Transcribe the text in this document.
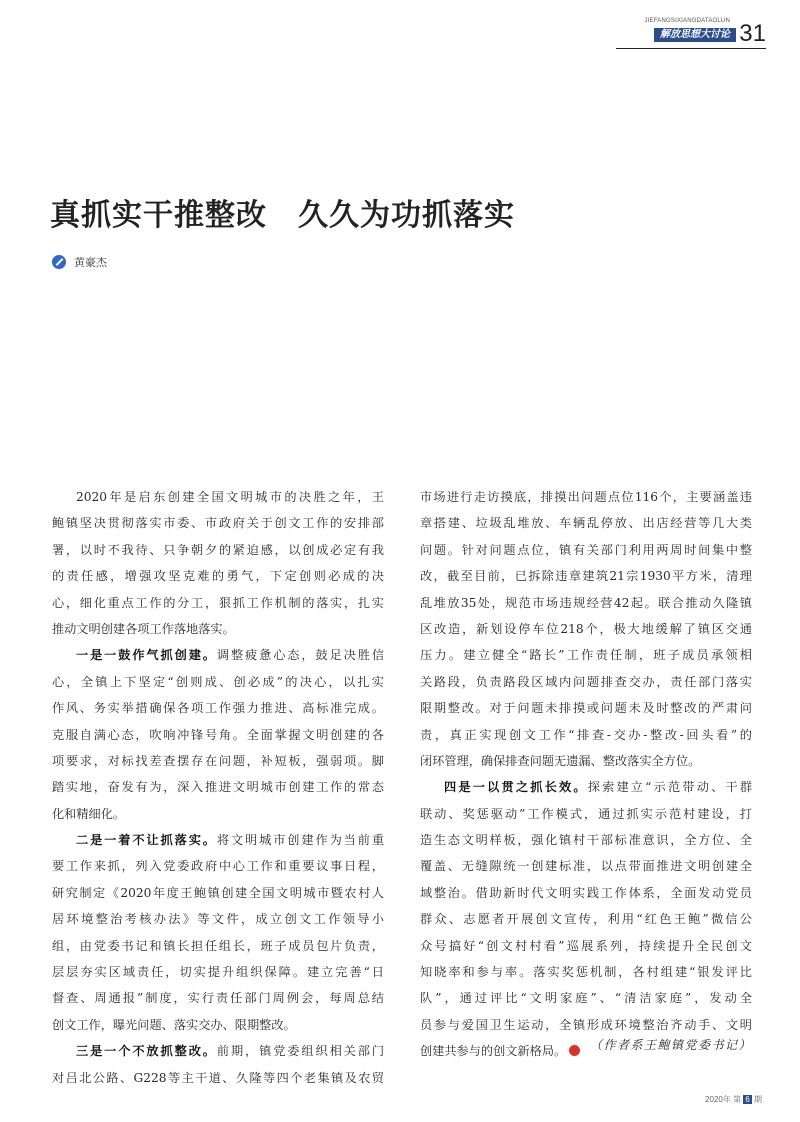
JIEFANGSIXIANGDATAOLUN
解放思想大讨论 31
真抓实干推整改　久久为功抓落实
黄豪杰
2020年是启东创建全国文明城市的决胜之年，王
鲍镇坚决贯彻落实市委、市政府关于创文工作的安排部
署，以时不我待、只争朝夕的紧迫感，以创成必定有我
的责任感，增强攻坚克难的勇气，下定创则必成的决
心，细化重点工作的分工，狠抓工作机制的落实，扎实
推动文明创建各项工作落地落实。
一是一鼓作气抓创建。调整疲惫心态，鼓足决胜信
心，全镇上下坚定“创则成、创必成”的决心，以扎实
作风、务实举措确保各项工作强力推进、高标准完成。
克服自满心态，吹响冲锋号角。全面掌握文明创建的各
项要求，对标找差查摆存在问题，补短板，强弱项。脚
踏实地，奋发有为，深入推进文明城市创建工作的常态
化和精细化。
二是一着不让抓落实。将文明城市创建作为当前重
要工作来抓，列入党委政府中心工作和重要议事日程，
研究制定《2020年度王鲍镇创建全国文明城市暨农村人
居环境整治考核办法》等文件，成立创文工作领导小
组，由党委书记和镇长担任组长，班子成员包片负责，
层层夯实区域责任，切实提升组织保障。建立完善“日
督查、周通报”制度，实行责任部门周例会，每周总结
创文工作，曝光问题、落实交办、限期整改。
三是一个不放抓整改。前期，镇党委组织相关部门
对吕北公路、G228等主干道、久隆等四个老集镇及农贸
市场进行走访摸底，排摸出问题点位116个，主要涵盖违
章搭建、垃圾乱堆放、车辆乱停放、出店经营等几大类
问题。针对问题点位，镇有关部门利用两周时间集中整
改，截至目前，已拆除违章建筑21宗1930平方米，清理
乱堆放35处，规范市场违规经营42起。联合推动久隆镇
区改造，新划设停车位218个，极大地缓解了镇区交通
压力。建立健全“路长”工作责任制，班子成员承领相
关路段，负责路段区域内问题排查交办，责任部门落实
限期整改。对于问题未排摸或问题未及时整改的严肃问
责，真正实现创文工作“排查-交办-整改-回头看”的
闭环管理，确保排查问题无遗漏、整改落实全方位。
四是一以贯之抓长效。探索建立“示范带动、干群
联动、奖惩驱动”工作模式，通过抓实示范村建设，打
造生态文明样板，强化镇村干部标准意识，全方位、全
覆盖、无缝隙统一创建标准，以点带面推进文明创建全
域整治。借助新时代文明实践工作体系，全面发动党员
群众、志愿者开展创文宣传，利用“红色王鲍”微信公
众号搞好“创文村村看”巡展系列，持续提升全民创文
知晓率和参与率。落实奖惩机制，各村组建“银发评比
队”，通过评比“文明家庭”、“清洁家庭”，发动全
员参与爱国卫生运动，全镇形成环境整治齐动手、文明
创建共参与的创文新格局。	（作者系王鲍镇党委书记）
2020年 第 6 期
